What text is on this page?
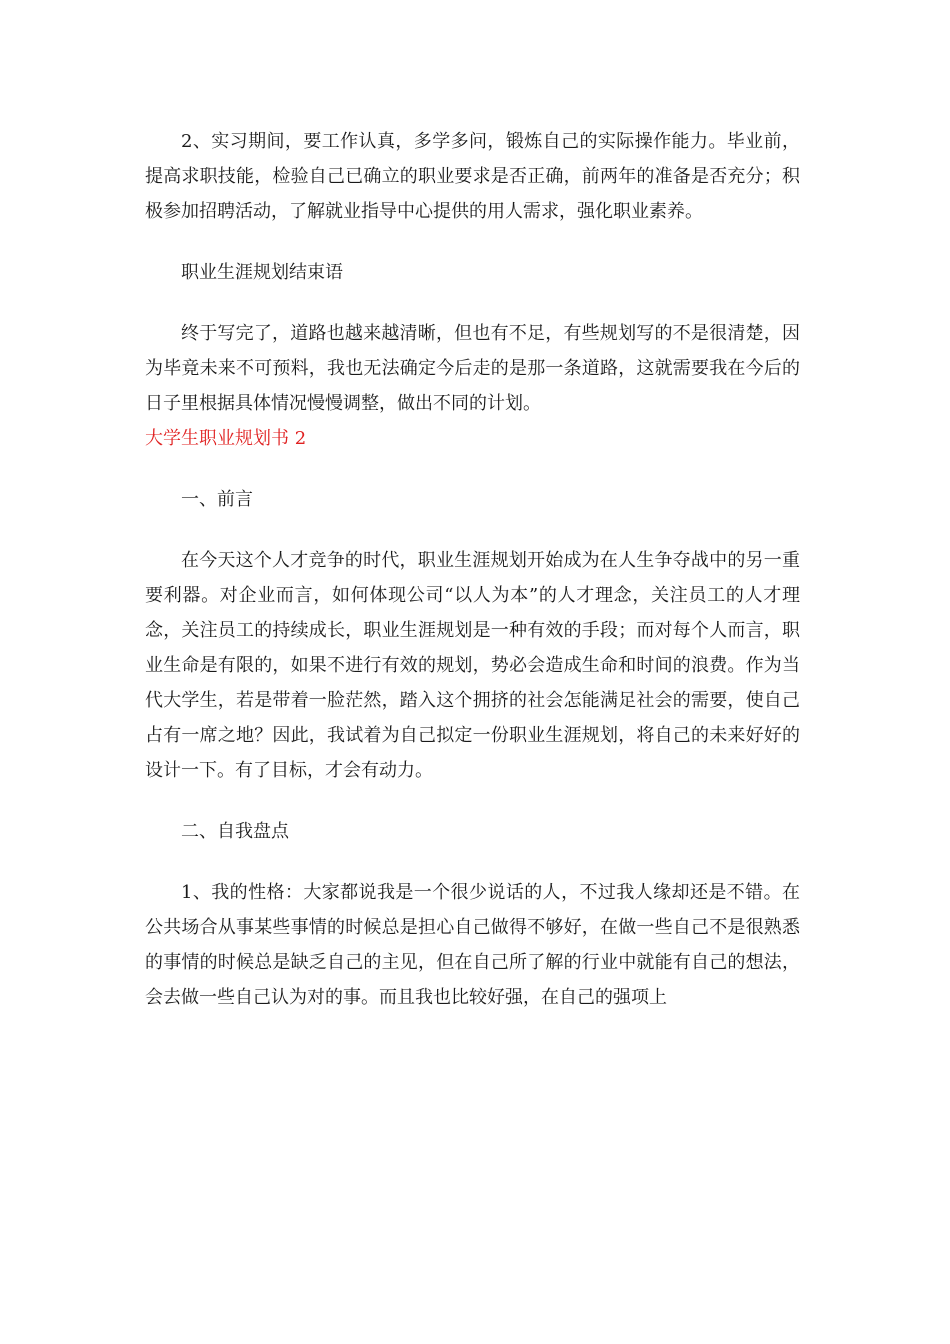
2、实习期间，要工作认真，多学多问，锻炼自己的实际操作能力。毕业前，提高求职技能，检验自己已确立的职业要求是否正确，前两年的准备是否充分；积极参加招聘活动，了解就业指导中心提供的用人需求，强化职业素养。

职业生涯规划结束语

终于写完了，道路也越来越清晰，但也有不足，有些规划写的不是很清楚，因为毕竟未来不可预料，我也无法确定今后走的是那一条道路，这就需要我在今后的日子里根据具体情况慢慢调整，做出不同的计划。

大学生职业规划书 2

一、前言

在今天这个人才竞争的时代，职业生涯规划开始成为在人生争夺战中的另一重要利器。对企业而言，如何体现公司“以人为本”的人才理念，关注员工的人才理念，关注员工的持续成长，职业生涯规划是一种有效的手段；而对每个人而言，职业生命是有限的，如果不进行有效的规划，势必会造成生命和时间的浪费。作为当代大学生，若是带着一脸茫然，踏入这个拥挤的社会怎能满足社会的需要，使自己占有一席之地？因此，我试着为自己拟定一份职业生涯规划，将自己的未来好好的设计一下。有了目标，才会有动力。

二、自我盘点

1、我的性格：大家都说我是一个很少说话的人，不过我人缘却还是不错。在公共场合从事某些事情的时候总是担心自己做得不够好，在做一些自己不是很熟悉的事情的时候总是缺乏自己的主见，但在自己所了解的行业中就能有自己的想法，会去做一些自己认为对的事。而且我也比较好强，在自己的强项上
